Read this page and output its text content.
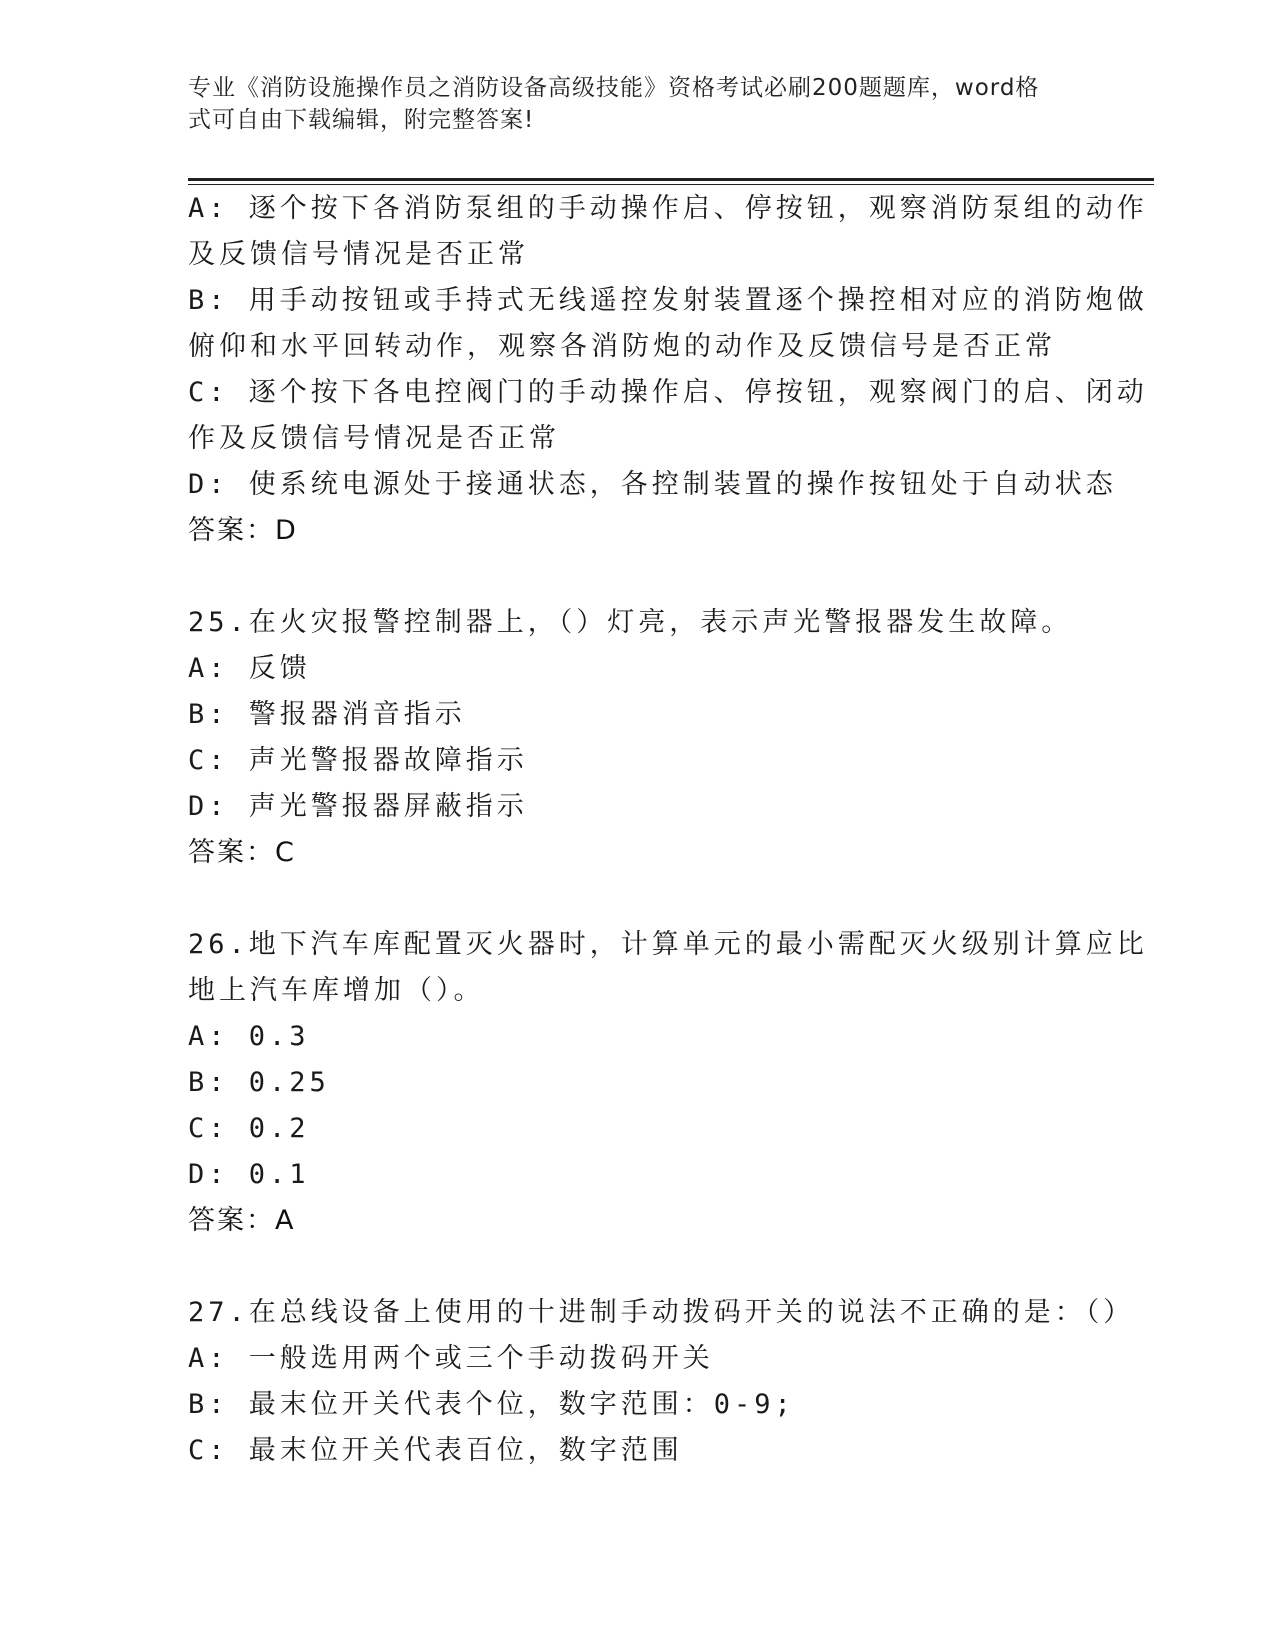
专业《消防设施操作员之消防设备高级技能》资格考试必刷200题题库，word格
式可自由下载编辑，附完整答案!
A: 逐个按下各消防泵组的手动操作启、停按钮，观察消防泵组的动作
及反馈信号情况是否正常
B: 用手动按钮或手持式无线遥控发射装置逐个操控相对应的消防炮做
俯仰和水平回转动作，观察各消防炮的动作及反馈信号是否正常
C: 逐个按下各电控阀门的手动操作启、停按钮，观察阀门的启、闭动
作及反馈信号情况是否正常
D: 使系统电源处于接通状态，各控制装置的操作按钮处于自动状态
答案：D
25.在火灾报警控制器上，（）灯亮，表示声光警报器发生故障。
A: 反馈
B: 警报器消音指示
C: 声光警报器故障指示
D: 声光警报器屏蔽指示
答案：C
26.地下汽车库配置灭火器时，计算单元的最小需配灭火级别计算应比
地上汽车库增加（）。
A: 0.3
B: 0.25
C: 0.2
D: 0.1
答案：A
27.在总线设备上使用的十进制手动拨码开关的说法不正确的是：（）
A: 一般选用两个或三个手动拨码开关
B: 最末位开关代表个位，数字范围：0-9;
C: 最末位开关代表百位，数字范围
